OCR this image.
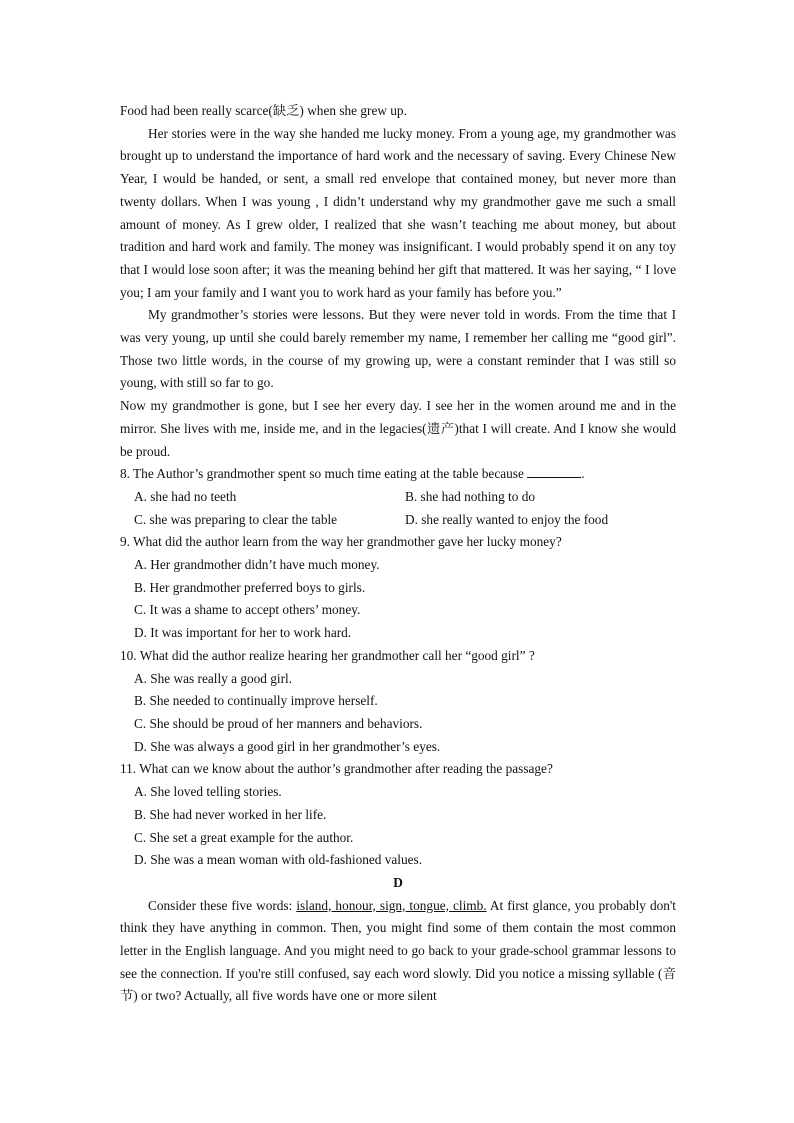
Food had been really scarce(缺乏) when she grew up.

Her stories were in the way she handed me lucky money. From a young age, my grandmother was brought up to understand the importance of hard work and the necessary of saving. Every Chinese New Year, I would be handed, or sent, a small red envelope that contained money, but never more than twenty dollars. When I was young , I didn’t understand why my grandmother gave me such a small amount of money. As I grew older, I realized that she wasn’t teaching me about money, but about tradition and hard work and family. The money was insignificant. I would probably spend it on any toy that I would lose soon after; it was the meaning behind her gift that mattered. It was her saying, “ I love you; I am your family and I want you to work hard as your family has before you.”

My grandmother’s stories were lessons. But they were never told in words. From the time that I was very young, up until she could barely remember my name, I remember her calling me “good girl”. Those two little words, in the course of my growing up, were a constant reminder that I was still so young, with still so far to go.

Now my grandmother is gone, but I see her every day. I see her in the women around me and in the mirror. She lives with me, inside me, and in the legacies(遗产)that I will create. And I know she would be proud.

8. The Author’s grandmother spent so much time eating at the table because	.

A. she had no teeth	B. she had nothing to do
C. she was preparing to clear the table	D. she really wanted to enjoy the food

9. What did the author learn from the way her grandmother gave her lucky money?

A. Her grandmother didn’t have much money.

B. Her grandmother preferred boys to girls.

C. It was a shame to accept others’ money.

D. It was important for her to work hard.

10. What did the author realize hearing her grandmother call her “good girl” ?

A. She was really a good girl.

B. She needed to continually improve herself.

C. She should be proud of her manners and behaviors.

D. She was always a good girl in her grandmother’s eyes.

11. What can we know about the author’s grandmother after reading the passage?

A. She loved telling stories.

B. She had never worked in her life.

C. She set a great example for the author.

D. She was a mean woman with old-fashioned values.

D

Consider these five words: island, honour, sign, tongue, climb. At first glance, you probably don't think they have anything in common. Then, you might find some of them contain the most common letter in the English language. And you might need to go back to your grade-school grammar lessons to see the connection. If you're still confused, say each word slowly. Did you notice a missing syllable (音节) or two? Actually, all five words have one or more silent
